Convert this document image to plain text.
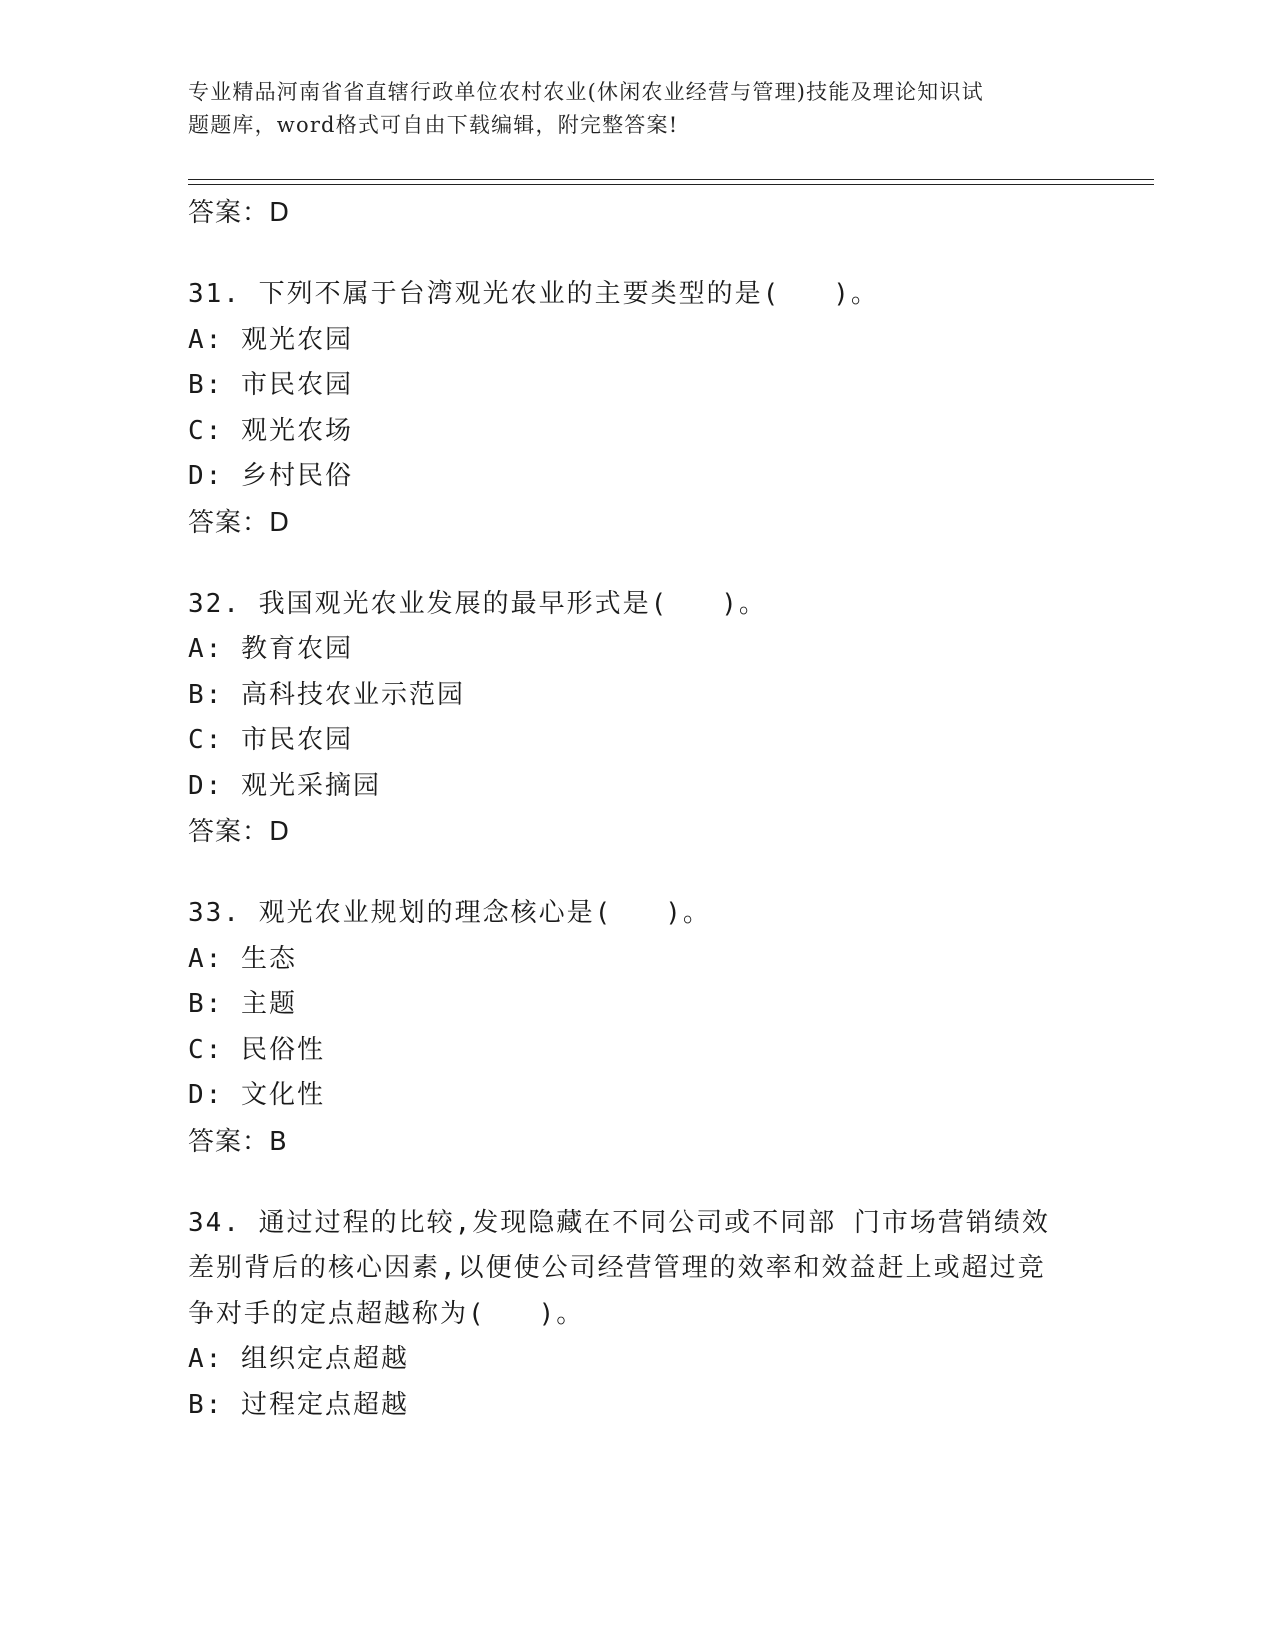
专业精品河南省省直辖行政单位农村农业(休闲农业经营与管理)技能及理论知识试
题题库，word格式可自由下载编辑，附完整答案!
答案：D
31. 下列不属于台湾观光农业的主要类型的是(   )。
A: 观光农园
B: 市民农园
C: 观光农场
D: 乡村民俗
答案：D
32. 我国观光农业发展的最早形式是(   )。
A: 教育农园
B: 高科技农业示范园
C: 市民农园
D: 观光采摘园
答案：D
33. 观光农业规划的理念核心是(   )。
A: 生态
B: 主题
C: 民俗性
D: 文化性
答案：B
34. 通过过程的比较,发现隐藏在不同公司或不同部 门市场营销绩效
差别背后的核心因素,以便使公司经营管理的效率和效益赶上或超过竞
争对手的定点超越称为(   )。
A: 组织定点超越
B: 过程定点超越
